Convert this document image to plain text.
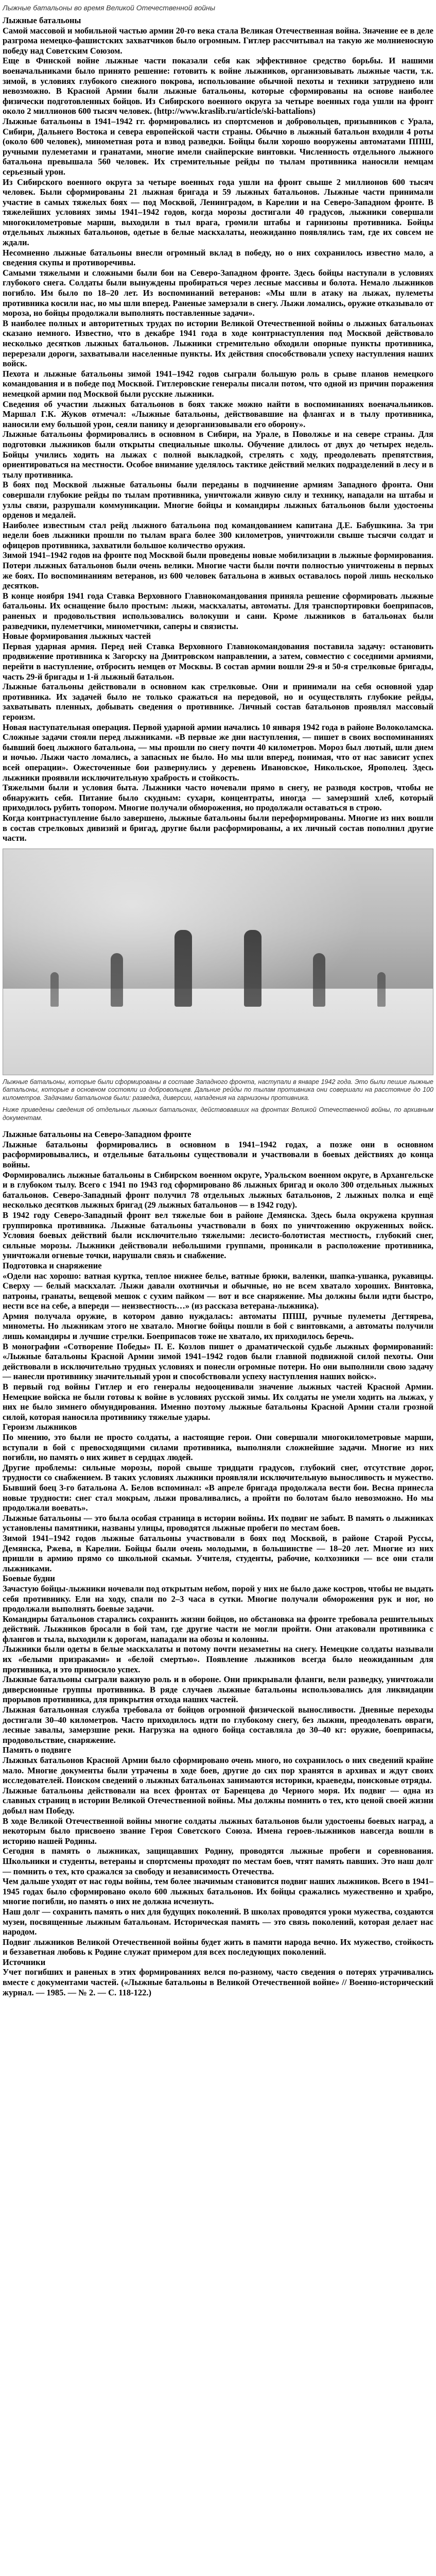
Лыжные батальоны во время Великой Отечественной войны

Лыжные батальоны

Самой массовой и мобильной частью армии 20-го века стала Великая Отечественная война. Значение ее в деле разгрома немецко-фашистских захватчиков было огромным. Гитлер рассчитывал на такую же молниеносную победу над Советским Союзом.

Еще в Финской войне лыжные части показали себя как эффективное средство борьбы. И нашими военачальниками было принято решение: готовить к войне лыжников, организовывать лыжные части, т.к. зимой, в условиях глубокого снежного покрова, использование обычной пехоты и техники затруднено или невозможно. В Красной Армии были лыжные батальоны, которые сформированы на основе наиболее физически подготовленных бойцов. Из Сибирского военного округа за четыре военных года ушли на фронт около 2 миллионов 600 тысяч человек. (http://www.kraslib.ru/article/ski-battalions)

Лыжные батальоны в 1941–1942 гг. формировались из спортсменов и добровольцев, призывников с Урала, Сибири, Дальнего Востока и севера европейской части страны. Обычно в лыжный батальон входили 4 роты (около 600 человек), минометная рота и взвод разведки. Бойцы были хорошо вооружены автоматами ППШ, ручными пулеметами и гранатами, многие имели снайперские винтовки. Численность отдельного лыжного батальона превышала 560 человек. Их стремительные рейды по тылам противника наносили немцам серьезный урон.

Из Сибирского военного округа за четыре военных года ушли на фронт свыше 2 миллионов 600 тысяч человек. Были сформированы 21 лыжная бригада и 59 лыжных батальонов. Лыжные части принимали участие в самых тяжелых боях — под Москвой, Ленинградом, в Карелии и на Северо-Западном фронте. В тяжелейших условиях зимы 1941–1942 годов, когда морозы достигали 40 градусов, лыжники совершали многокилометровые марши, выходили в тыл врага, громили штабы и гарнизоны противника. Бойцы отдельных лыжных батальонов, одетые в белые маскхалаты, неожиданно появлялись там, где их совсем не ждали.

Несомненно лыжные батальоны внесли огромный вклад в победу, но о них сохранилось известно мало, а сведения скупы и противоречивы.

Самыми тяжелыми и сложными были бои на Северо-Западном фронте. Здесь бойцы наступали в условиях глубокого снега. Солдаты были вынуждены пробираться через лесные массивы и болота. Немало лыжников погибло. Им было по 18–20 лет. Из воспоминаний ветеранов: «Мы шли в атаку на лыжах, пулеметы противника косили нас, но мы шли вперед. Раненые замерзали в снегу. Лыжи ломались, оружие отказывало от мороза, но бойцы продолжали выполнять поставленные задачи».

В наиболее полных и авторитетных трудах по истории Великой Отечественной войны о лыжных батальонах сказано немного. Известно, что в декабре 1941 года в ходе контрнаступления под Москвой действовало несколько десятков лыжных батальонов. Лыжники стремительно обходили опорные пункты противника, перерезали дороги, захватывали населенные пункты. Их действия способствовали успеху наступления наших войск.

Пехота и лыжные батальоны зимой 1941–1942 годов сыграли большую роль в срыве планов немецкого командования и в победе под Москвой. Гитлеровские генералы писали потом, что одной из причин поражения немецкой армии под Москвой были русские лыжники.

Сведения об участии лыжных батальонов в боях также можно найти в воспоминаниях военачальников. Маршал Г.К. Жуков отмечал: «Лыжные батальоны, действовавшие на флангах и в тылу противника, наносили ему большой урон, сеяли панику и дезорганизовывали его оборону».

Лыжные батальоны формировались в основном в Сибири, на Урале, в Поволжье и на севере страны. Для подготовки лыжников были открыты специальные школы. Обучение длилось от двух до четырех недель. Бойцы учились ходить на лыжах с полной выкладкой, стрелять с ходу, преодолевать препятствия, ориентироваться на местности. Особое внимание уделялось тактике действий мелких подразделений в лесу и в тылу противника.

В боях под Москвой лыжные батальоны были переданы в подчинение армиям Западного фронта. Они совершали глубокие рейды по тылам противника, уничтожали живую силу и технику, нападали на штабы и узлы связи, разрушали коммуникации. Многие бойцы и командиры лыжных батальонов были удостоены орденов и медалей.

Наиболее известным стал рейд лыжного батальона под командованием капитана Д.Е. Бабушкина. За три недели боев лыжники прошли по тылам врага более 300 километров, уничтожили свыше тысячи солдат и офицеров противника, захватили большое количество оружия.

Зимой 1941–1942 годов на фронте под Москвой были проведены новые мобилизации в лыжные формирования. Потери лыжных батальонов были очень велики. Многие части были почти полностью уничтожены в первых же боях. По воспоминаниям ветеранов, из 600 человек батальона в живых оставалось порой лишь несколько десятков.

В конце ноября 1941 года Ставка Верховного Главнокомандования приняла решение сформировать лыжные батальоны. Их оснащение было простым: лыжи, маскхалаты, автоматы. Для транспортировки боеприпасов, раненых и продовольствия использовались волокуши и сани. Кроме лыжников в батальонах были разведчики, пулеметчики, минометчики, саперы и связисты.

Новые формирования лыжных частей

Первая ударная армия. Перед ней Ставка Верховного Главнокомандования поставила задачу: остановить продвижение противника к Загорску на Дмитровском направлении, а затем, совместно с соседними армиями, перейти в наступление, отбросить немцев от Москвы. В состав армии вошли 29-я и 50-я стрелковые бригады, часть 29-й бригады и 1-й лыжный батальон.

Лыжные батальоны действовали в основном как стрелковые. Они и принимали на себя основной удар противника. Их задачей было не только сражаться на передовой, но и осуществлять глубокие рейды, захватывать пленных, добывать сведения о противнике. Личный состав батальонов проявлял массовый героизм.

Новая наступательная операция. Первой ударной армии начались 10 января 1942 года в районе Волоколамска. Сложные задачи стояли перед лыжниками. «В первые же дни наступления, — пишет в своих воспоминаниях бывший боец лыжного батальона, — мы прошли по снегу почти 40 километров. Мороз был лютый, шли днем и ночью. Лыжи часто ломались, а запасных не было. Но мы шли вперед, понимая, что от нас зависит успех всей операции». Ожесточенные бои развернулись у деревень Ивановское, Никольское, Ярополец. Здесь лыжники проявили исключительную храбрость и стойкость.

Тяжелыми были и условия быта. Лыжники часто ночевали прямо в снегу, не разводя костров, чтобы не обнаружить себя. Питание было скудным: сухари, концентраты, иногда — замерзший хлеб, который приходилось рубить топором. Многие получали обморожения, но продолжали оставаться в строю.

Когда контрнаступление было завершено, лыжные батальоны были переформированы. Многие из них вошли в состав стрелковых дивизий и бригад, другие были расформированы, а их личный состав пополнил другие части.

Лыжные батальоны, которые были сформированы в составе Западного фронта, наступали в январе 1942 года. Это были пешие лыжные батальоны, которые в основном состояли из добровольцев. Дальние рейды по тылам противника они совершали на расстояние до 100 километров. Задачами батальонов были: разведка, диверсии, нападения на гарнизоны противника.

Ниже приведены сведения об отдельных лыжных батальонах, действовавших на фронтах Великой Отечественной войны, по архивным документам.

Лыжные батальоны на Северо-Западном фронте

Лыжные батальоны формировались в основном в 1941–1942 годах, а позже они в основном расформировывались, и отдельные батальоны существовали и участвовали в боевых действиях до конца войны.

Формировались лыжные батальоны в Сибирском военном округе, Уральском военном округе, в Архангельске и в глубоком тылу. Всего с 1941 по 1943 год сформировано 86 лыжных бригад и около 300 отдельных лыжных батальонов. Северо-Западный фронт получил 78 отдельных лыжных батальонов, 2 лыжных полка и ещё несколько десятков лыжных бригад (29 лыжных батальонов — в 1942 году).

В 1942 году Северо-Западный фронт вел тяжелые бои в районе Демянска. Здесь была окружена крупная группировка противника. Лыжные батальоны участвовали в боях по уничтожению окруженных войск. Условия боевых действий были исключительно тяжелыми: лесисто-болотистая местность, глубокий снег, сильные морозы. Лыжники действовали небольшими группами, проникали в расположение противника, уничтожали огневые точки, нарушали связь и снабжение.

Подготовка и снаряжение

«Одели нас хорошо: ватная куртка, теплое нижнее белье, ватные брюки, валенки, шапка-ушанка, рукавицы. Сверху — белый маскхалат. Лыжи давали охотничьи и обычные, но не всем хватало хороших. Винтовка, патроны, гранаты, вещевой мешок с сухим пайком — вот и все снаряжение. Мы должны были идти быстро, нести все на себе, а впереди — неизвестность…» (из рассказа ветерана-лыжника).

Армия получала оружие, в котором давно нуждалась: автоматы ППШ, ручные пулеметы Дегтярева, минометы. Но лыжникам этого не хватало. Многие бойцы пошли в бой с винтовками, а автоматы получили лишь командиры и лучшие стрелки. Боеприпасов тоже не хватало, их приходилось беречь.

В монографии «Сотворение Победы» П. Е. Козлов пишет о драматической судьбе лыжных формирований: «Лыжные батальоны Красной Армии зимой 1941–1942 годов были главной подвижной силой пехоты. Они действовали в исключительно трудных условиях и понесли огромные потери. Но они выполнили свою задачу — нанесли противнику значительный урон и способствовали успеху наступления наших войск».

В первый год войны Гитлер и его генералы недооценивали значение лыжных частей Красной Армии. Немецкие войска не были готовы к войне в условиях русской зимы. Их солдаты не умели ходить на лыжах, у них не было зимнего обмундирования. Именно поэтому лыжные батальоны Красной Армии стали грозной силой, которая наносила противнику тяжелые удары.

Героизм лыжников

По мнению, это были не просто солдаты, а настоящие герои. Они совершали многокилометровые марши, вступали в бой с превосходящими силами противника, выполняли сложнейшие задачи. Многие из них погибли, но память о них живет в сердцах людей.

Другие проблемы: сильные морозы, порой свыше тридцати градусов, глубокий снег, отсутствие дорог, трудности со снабжением. В таких условиях лыжники проявляли исключительную выносливость и мужество. Бывший боец 3-го батальона А. Белов вспоминал: «В апреле бригада продолжала вести бои. Весна принесла новые трудности: снег стал мокрым, лыжи проваливались, а пройти по болотам было невозможно. Но мы продолжали воевать».

Лыжные батальоны — это была особая страница в истории войны. Их подвиг не забыт. В память о лыжниках установлены памятники, названы улицы, проводятся лыжные пробеги по местам боев.

Зимой 1941–1942 годов лыжные батальоны участвовали в боях под Москвой, в районе Старой Руссы, Демянска, Ржева, в Карелии. Бойцы были очень молодыми, в большинстве — 18–20 лет. Многие из них пришли в армию прямо со школьной скамьи. Учителя, студенты, рабочие, колхозники — все они стали лыжниками.

Боевые будни

Зачастую бойцы-лыжники ночевали под открытым небом, порой у них не было даже костров, чтобы не выдать себя противнику. Ели на ходу, спали по 2–3 часа в сутки. Многие получали обморожения рук и ног, но продолжали выполнять боевые задачи.

Командиры батальонов старались сохранить жизни бойцов, но обстановка на фронте требовала решительных действий. Лыжников бросали в бой там, где другие части не могли пройти. Они атаковали противника с флангов и тыла, выходили к дорогам, нападали на обозы и колонны.

Лыжники были одеты в белые маскхалаты и потому почти незаметны на снегу. Немецкие солдаты называли их «белыми призраками» и «белой смертью». Появление лыжников всегда было неожиданным для противника, и это приносило успех.

Лыжные батальоны сыграли важную роль и в обороне. Они прикрывали фланги, вели разведку, уничтожали диверсионные группы противника. В ряде случаев лыжные батальоны использовались для ликвидации прорывов противника, для прикрытия отхода наших частей.

Лыжная батальонная служба требовала от бойцов огромной физической выносливости. Дневные переходы достигали 30–40 километров. Часто приходилось идти по глубокому снегу, без лыжни, преодолевать овраги, лесные завалы, замерзшие реки. Нагрузка на одного бойца составляла до 30–40 кг: оружие, боеприпасы, продовольствие, снаряжение.

Память о подвиге

Лыжных батальонов Красной Армии было сформировано очень много, но сохранилось о них сведений крайне мало. Многие документы были утрачены в ходе боев, другие до сих пор хранятся в архивах и ждут своих исследователей. Поиском сведений о лыжных батальонах занимаются историки, краеведы, поисковые отряды.

Лыжные батальоны действовали на всех фронтах от Баренцева до Черного моря. Их подвиг — одна из славных страниц в истории Великой Отечественной войны. Мы должны помнить о тех, кто ценой своей жизни добыл нам Победу.

В ходе Великой Отечественной войны многие солдаты лыжных батальонов были удостоены боевых наград, а некоторым было присвоено звание Героя Советского Союза. Имена героев-лыжников навсегда вошли в историю нашей Родины.

Сегодня в память о лыжниках, защищавших Родину, проводятся лыжные пробеги и соревнования. Школьники и студенты, ветераны и спортсмены проходят по местам боев, чтят память павших. Это наш долг — помнить о тех, кто сражался за свободу и независимость Отечества.

Чем дальше уходят от нас годы войны, тем более значимым становится подвиг наших лыжников. Всего в 1941–1945 годах было сформировано около 600 лыжных батальонов. Их бойцы сражались мужественно и храбро, многие погибли, но память о них не должна исчезнуть.

Наш долг — сохранить память о них для будущих поколений. В школах проводятся уроки мужества, создаются музеи, посвященные лыжным батальонам. Историческая память — это связь поколений, которая делает нас народом.

Подвиг лыжников Великой Отечественной войны будет жить в памяти народа вечно. Их мужество, стойкость и беззаветная любовь к Родине служат примером для всех последующих поколений.

Источники

Учет погибших и раненых в этих формированиях велся по-разному, часто сведения о потерях утрачивались вместе с документами частей. («Лыжные батальоны в Великой Отечественной войне» // Военно-исторический журнал. — 1985. — № 2. — С. 118-122.)
